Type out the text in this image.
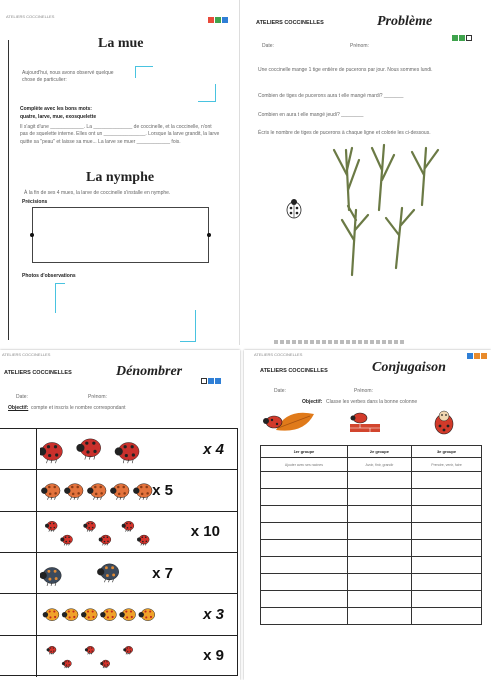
ATELIERS COCCINELLES
La mue
Aujourd'hui, nous avons observé quelque chose de particulier:
Complète avec les bons mots:
quatre, larve, mue, exosquelette
Il s'agit d'une ____________. La ______________ de coccinelle, et la coccinelle, n'ont pas de squelette interne. Elles ont un _______________. Lorsque la larve grandit, la larve quitte sa "peau" et laisse sa mue... La larve se muer ____________ fois.
La nymphe
À la fin de ses 4 mues, la larve de coccinelle s'installe en nymphe.
Précisions
Photos d'observations
ATELIERS COCCINELLES	Problème
Date:	Prénom:
Une coccinelle mange 1 tige entière de pucerons par jour. Nous sommes lundi.
Combien de tiges de pucerons aura t elle mangé mardi? _______
Combien en aura t elle mangé jeudi? ________
Écris le nombre de tiges de pucerons à chaque ligne et colorie les ci-dessous.
ATELIERS COCCINELLES
ATELIERS COCCINELLES	Dénombrer
Date:	Prénom:
Objectif: compte et inscris le nombre correspondant
x 4
x 5
x 10
x 7
x 3
x 9
ATELIERS COCCINELLES
ATELIERS COCCINELLES	Conjugaison
Date:	Prénom:
Objectif: Classe les verbes dans la bonne colonne
1er groupe	2e groupe	3e groupe
Ajouter avec ses racines	Avoir, finir, grandir	Prendre, venir, faire
